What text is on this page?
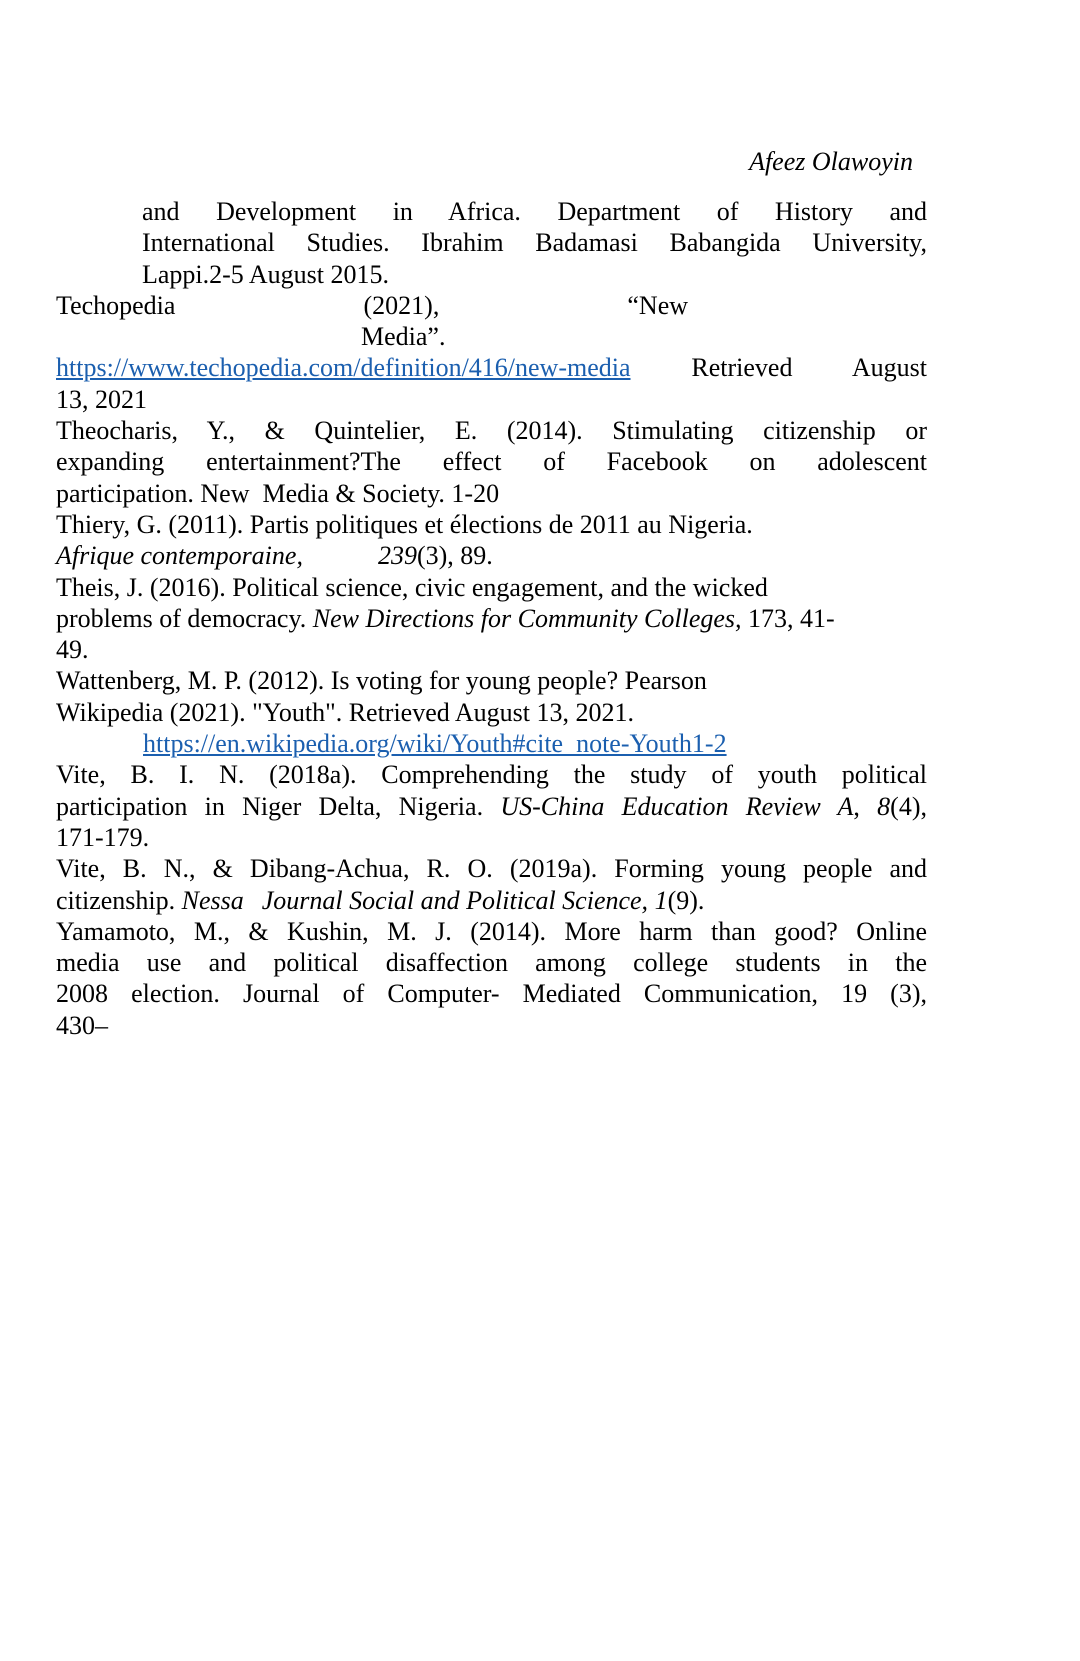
Afeez Olawoyin
and Development in Africa. Department of History and
International Studies. Ibrahim Badamasi Babangida University,
Lappi.2-5 August 2015.
Techopedia	(2021),	“New
Media”.
https://www.techopedia.com/definition/416/new-media Retrieved August
13, 2021
Theocharis, Y., & Quintelier, E. (2014). Stimulating citizenship or
expanding entertainment?The effect of Facebook on adolescent
participation. New  Media & Society. 1-20
Thiery, G. (2011). Partis politiques et élections de 2011 au Nigeria.
Afrique contemporaine,	239(3), 89.
Theis, J. (2016). Political science, civic engagement, and the wicked
problems of democracy. New Directions for Community Colleges, 173, 41-
49.
Wattenberg, M. P. (2012). Is voting for young people? Pearson
Wikipedia (2021). "Youth". Retrieved August 13, 2021.
https://en.wikipedia.org/wiki/Youth#cite_note-Youth1-2
Vite, B. I. N. (2018a). Comprehending the study of youth political
participation in Niger Delta, Nigeria. US-China Education Review A, 8(4),
171-179.
Vite, B. N., & Dibang-Achua, R. O. (2019a). Forming young people and
citizenship. Nessa Journal Social and Political Science, 1(9).
Yamamoto, M., & Kushin, M. J. (2014). More harm than good? Online
media use and political disaffection among college students in the
2008 election. Journal of Computer- Mediated Communication, 19 (3),
430–
